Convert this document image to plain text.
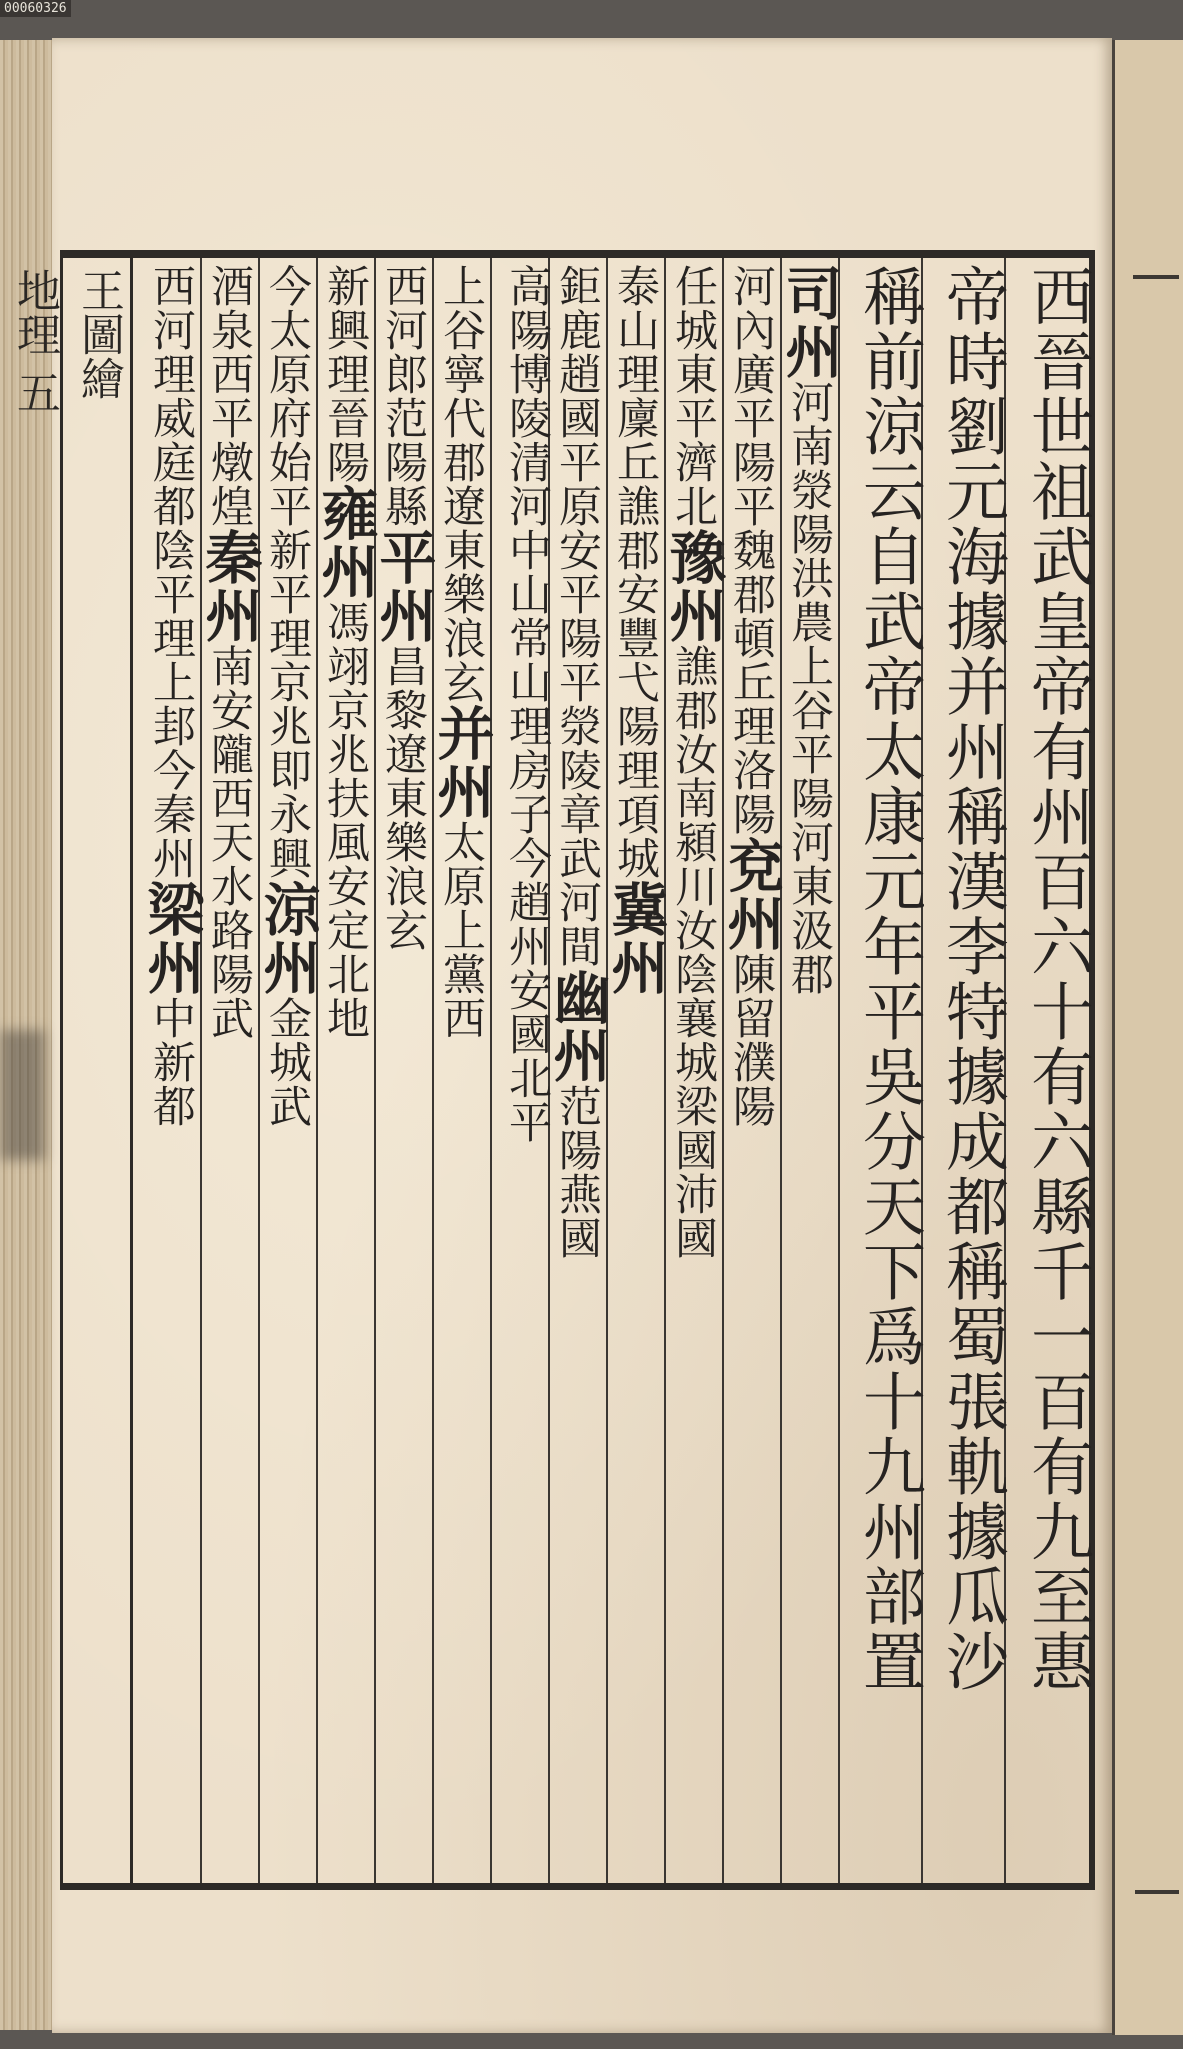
00060326
王圖繪
地理 五	西晉世祖武皇帝有州百六十有六縣千一百有九至惠
帝時劉元海據并州稱漢李特據成都稱蜀張軌據瓜沙
稱前涼云自武帝太康元年平吳分天下爲十九州部置
司州河南滎陽洪農上谷平陽河東汲郡
河內廣平陽平魏郡頓丘理洛陽兗州陳留濮陽
任城東平濟北豫州譙郡汝南潁川汝陰襄城梁國沛國
泰山理廩丘譙郡安豐弋陽理項城冀州
鉅鹿趙國平原安平陽平滎陵章武河間幽州范陽燕國
高陽博陵清河中山常山理房子今趙州安國北平
上谷寧代郡遼東樂浪玄并州太原上黨西
西河郎范陽縣平州昌黎遼東樂浪玄
新興理晉陽雍州馮翊京兆扶風安定北地
今太原府始平新平理京兆即永興涼州金城武
酒泉西平燉煌秦州南安隴西天水路陽武
西河理威庭都陰平理上邽今秦州梁州中新都
